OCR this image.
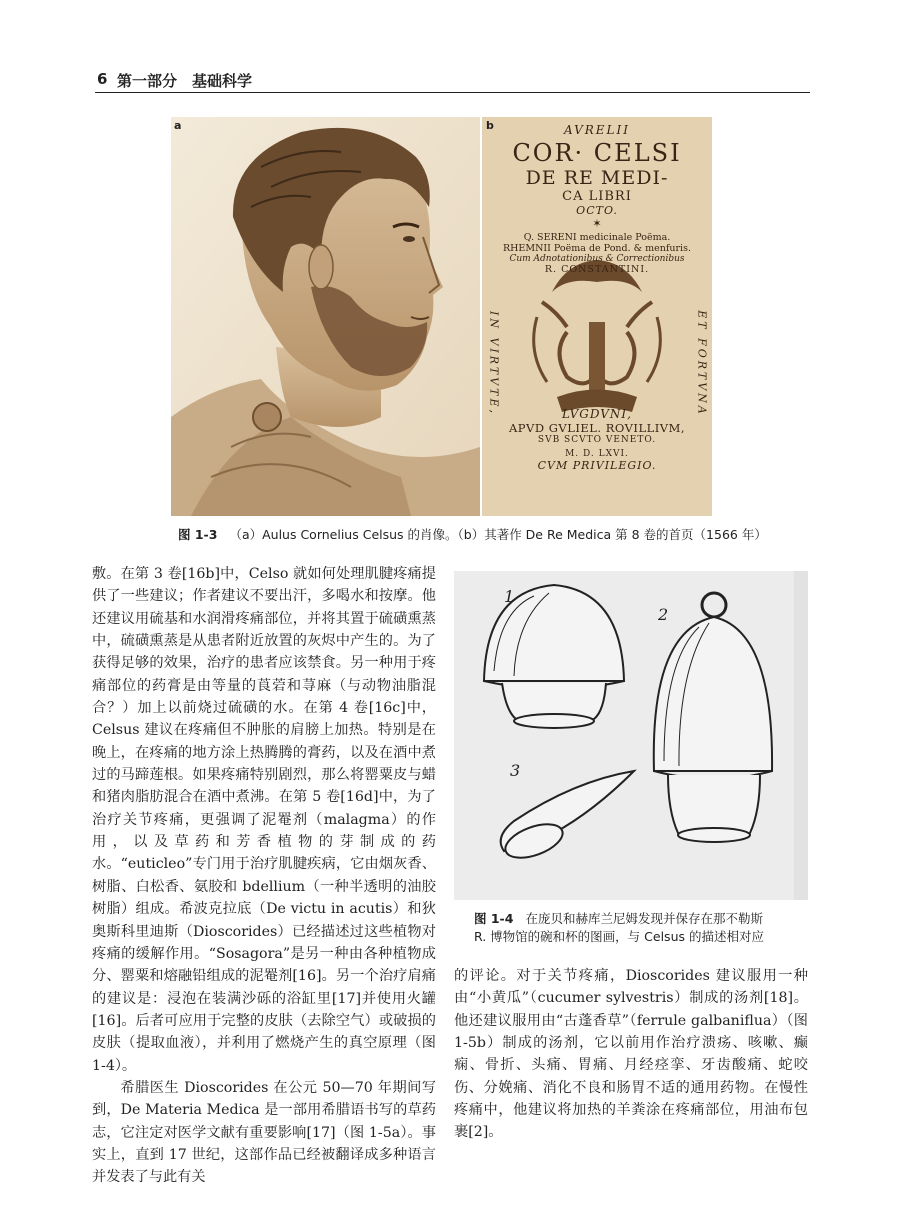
6 第一部分　基础科学
a	b	AVRELII
COR· CELSI
DE RE MEDI-
CA LIBRI
OCTO.
✶
Q. SERENI medicinale Poëma.
RHEMNII Poëma de Pond. & menfuris.
Cum Adnotationibus & Correctionibus
R. CONSTANTINI.
IN VIRTVTE,	ET FORTVNA
LVGDVNI,
APVD GVLIEL. ROVILLIVM,
SVB SCVTO VENETO.
M. D. LXVI.
CVM PRIVILEGIO.
图 1-3 （a）Aulus Cornelius Celsus 的肖像。（b）其著作 De Re Medica 第 8 卷的首页（1566 年）

敷。在第 3 卷[16b]中，Celso 就如何处理肌腱疼痛提供了一些建议；作者建议不要出汗，多喝水和按摩。他还建议用硫基和水润滑疼痛部位，并将其置于硫磺熏蒸中，硫磺熏蒸是从患者附近放置的灰烬中产生的。为了获得足够的效果，治疗的患者应该禁食。另一种用于疼痛部位的药膏是由等量的莨菪和荨麻（与动物油脂混合？）加上以前烧过硫磺的水。在第 4 卷[16c]中，Celsus 建议在疼痛但不肿胀的肩膀上加热。特别是在晚上，在疼痛的地方涂上热腾腾的膏药，以及在酒中煮过的马蹄莲根。如果疼痛特别剧烈，那么将罂粟皮与蜡和猪肉脂肪混合在酒中煮沸。在第 5 卷[16d]中，为了治疗关节疼痛，更强调了泥罨剂（malagma）的作用，以及草药和芳香植物的芽制成的药水。“euticleo”专门用于治疗肌腱疾病，它由烟灰香、树脂、白松香、氨胶和 bdellium（一种半透明的油胶树脂）组成。希波克拉底（De victu in acutis）和狄奥斯科里迪斯（Dioscorides）已经描述过这些植物对疼痛的缓解作用。“Sosagora”是另一种由各种植物成分、罂粟和熔融铅组成的泥罨剂[16]。另一个治疗肩痛的建议是：浸泡在装满沙砾的浴缸里[17]并使用火罐[16]。后者可应用于完整的皮肤（去除空气）或破损的皮肤（提取血液），并利用了燃烧产生的真空原理（图 1-4）。

希腊医生 Dioscorides 在公元 50—70 年期间写到，De Materia Medica 是一部用希腊语书写的草药志，它注定对医学文献有重要影响[17]（图 1-5a）。事实上，直到 17 世纪，这部作品已经被翻译成多种语言并发表了与此有关

1
2
3
图 1-4 在庞贝和赫库兰尼姆发现并保存在那不勒斯
R. 博物馆的碗和杯的图画，与 Celsus 的描述相对应

的评论。对于关节疼痛，Dioscorides 建议服用一种由“小黄瓜”（cucumer sylvestris）制成的汤剂[18]。他还建议服用由“古蓬香草”（ferrule galbaniflua）（图 1-5b）制成的汤剂，它以前用作治疗溃疡、咳嗽、癫痫、骨折、头痛、胃痛、月经痉挛、牙齿酸痛、蛇咬伤、分娩痛、消化不良和肠胃不适的通用药物。在慢性疼痛中，他建议将加热的羊粪涂在疼痛部位，用油布包裹[2]。
